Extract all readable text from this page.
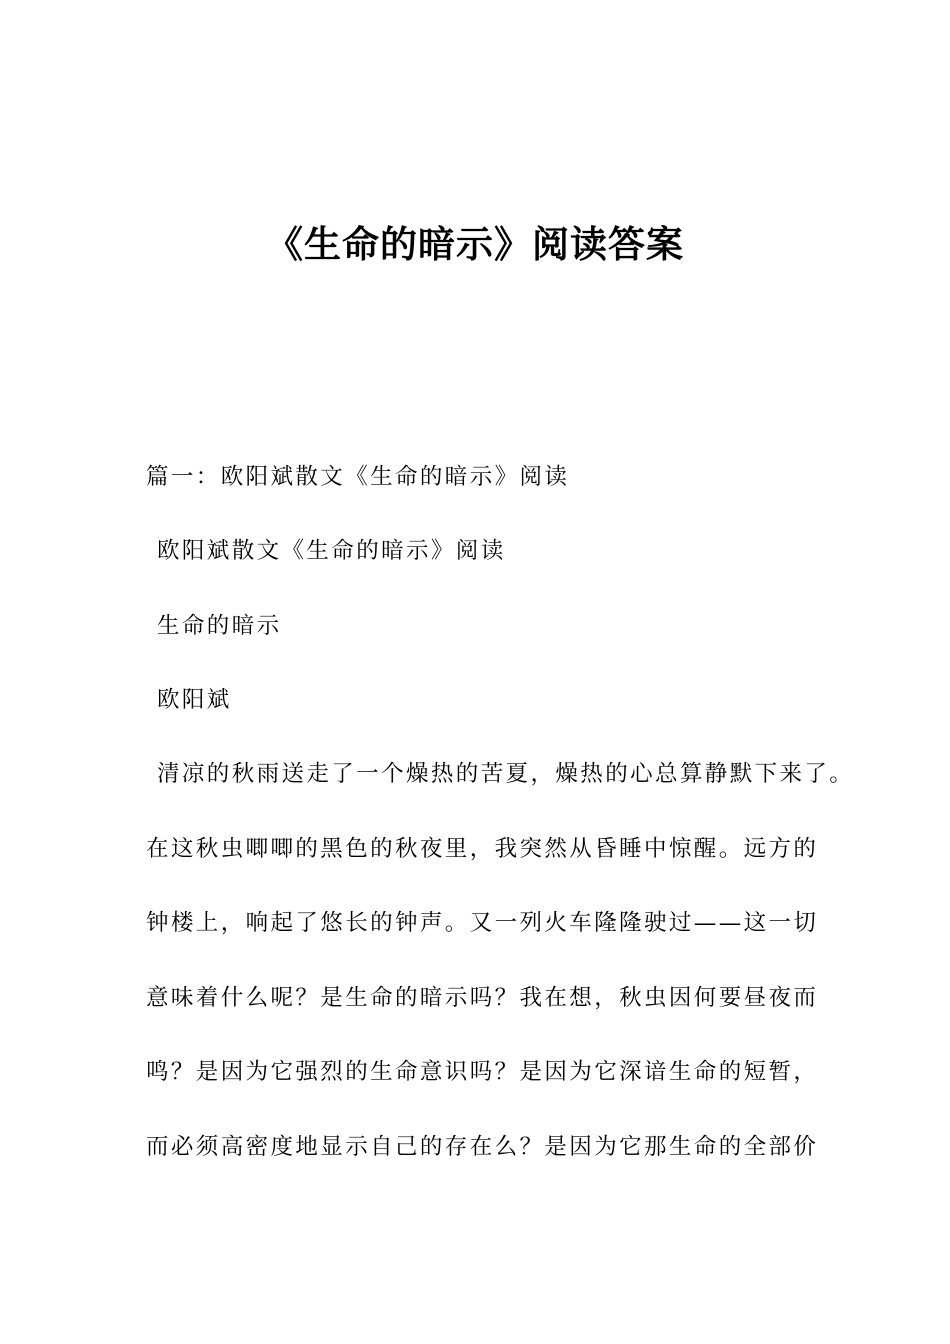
《生命的暗示》阅读答案
篇一：欧阳斌散文《生命的暗示》阅读
欧阳斌散文《生命的暗示》阅读
生命的暗示
欧阳斌
清凉的秋雨送走了一个燥热的苦夏，燥热的心总算静默下来了。
在这秋虫唧唧的黑色的秋夜里，我突然从昏睡中惊醒。远方的
钟楼上，响起了悠长的钟声。又一列火车隆隆驶过——这一切
意味着什么呢？是生命的暗示吗？我在想，秋虫因何要昼夜而
鸣？是因为它强烈的生命意识吗？是因为它深谙生命的短暂，
而必须高密度地显示自己的存在么？是因为它那生命的全部价
